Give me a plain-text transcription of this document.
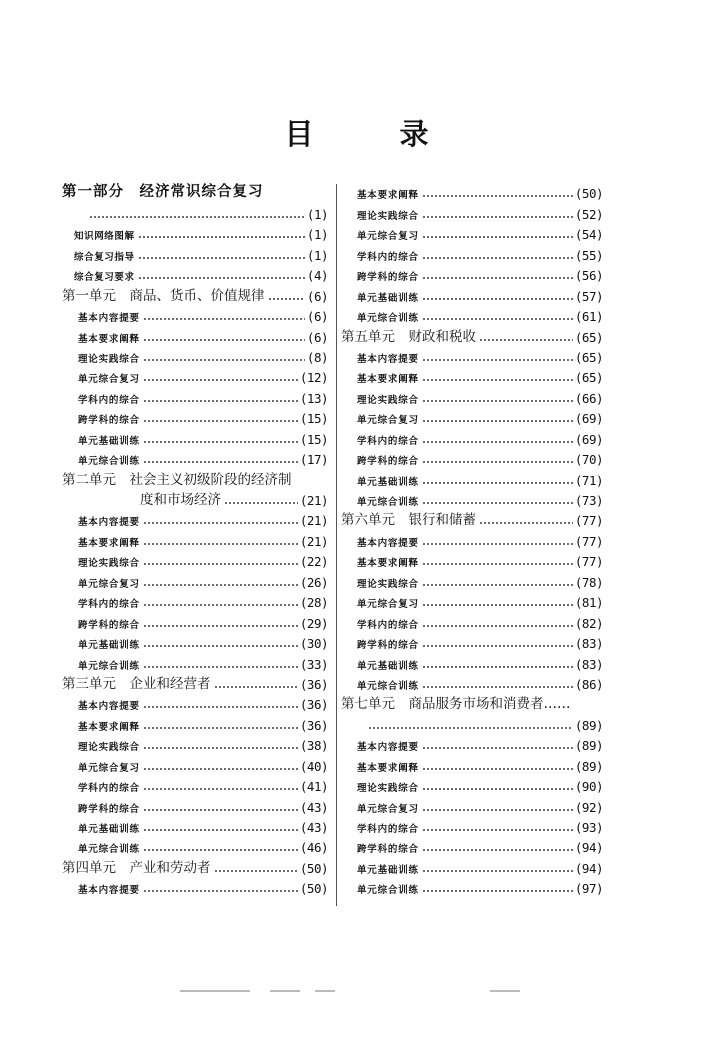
目 录
第一部分　经济常识综合复习
(1)
知识网络图解	(1)
综合复习指导	(1)
综合复习要求	(4)
第一单元　商品、货币、价值规律	(6)
基本内容提要	(6)
基本要求阐释	(6)
理论实践综合	(8)
单元综合复习	(12)
学科内的综合	(13)
跨学科的综合	(15)
单元基础训练	(15)
单元综合训练	(17)
第二单元　社会主义初级阶段的经济制
度和市场经济	(21)
基本内容提要	(21)
基本要求阐释	(21)
理论实践综合	(22)
单元综合复习	(26)
学科内的综合	(28)
跨学科的综合	(29)
单元基础训练	(30)
单元综合训练	(33)
第三单元　企业和经营者	(36)
基本内容提要	(36)
基本要求阐释	(36)
理论实践综合	(38)
单元综合复习	(40)
学科内的综合	(41)
跨学科的综合	(43)
单元基础训练	(43)
单元综合训练	(46)
第四单元　产业和劳动者	(50)
基本内容提要	(50)
基本要求阐释	(50)
理论实践综合	(52)
单元综合复习	(54)
学科内的综合	(55)
跨学科的综合	(56)
单元基础训练	(57)
单元综合训练	(61)
第五单元　财政和税收	(65)
基本内容提要	(65)
基本要求阐释	(65)
理论实践综合	(66)
单元综合复习	(69)
学科内的综合	(69)
跨学科的综合	(70)
单元基础训练	(71)
单元综合训练	(73)
第六单元　银行和储蓄	(77)
基本内容提要	(77)
基本要求阐释	(77)
理论实践综合	(78)
单元综合复习	(81)
学科内的综合	(82)
跨学科的综合	(83)
单元基础训练	(83)
单元综合训练	(86)
第七单元　商品服务市场和消费者……
(89)
基本内容提要	(89)
基本要求阐释	(89)
理论实践综合	(90)
单元综合复习	(92)
学科内的综合	(93)
跨学科的综合	(94)
单元基础训练	(94)
单元综合训练	(97)
